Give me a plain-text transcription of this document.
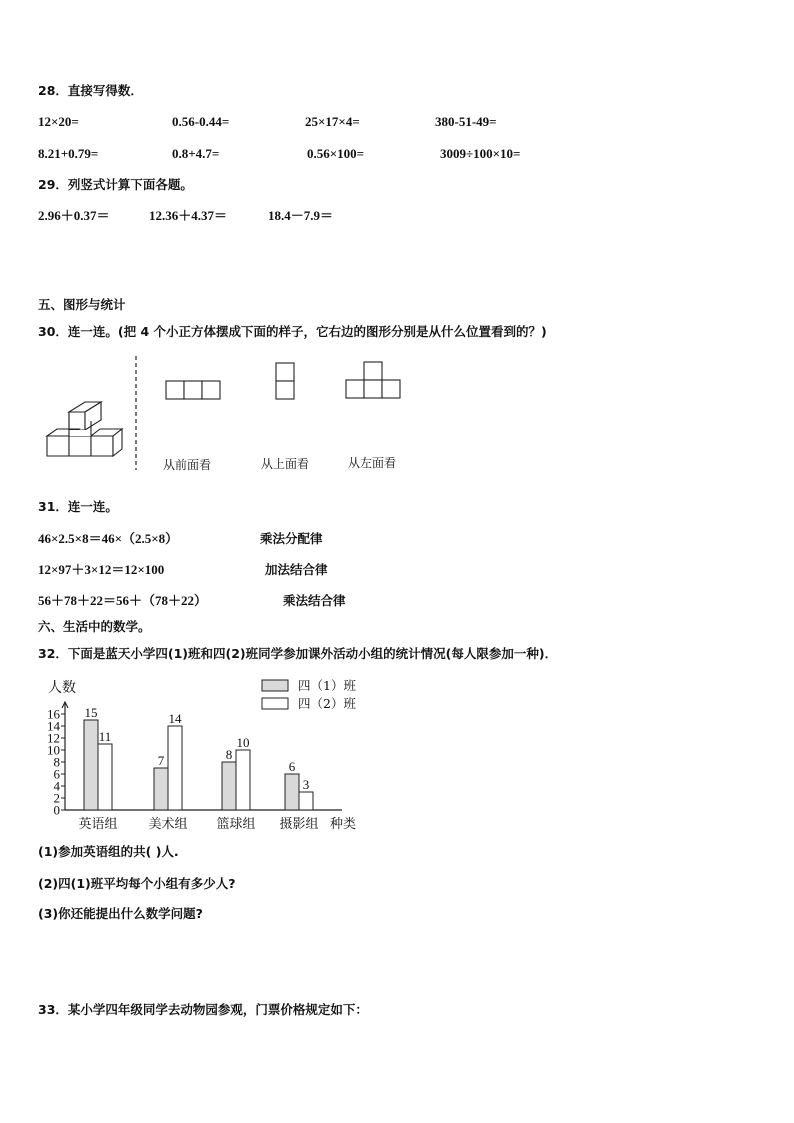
28．直接写得数．
12×20=	0.56-0.44=	25×17×4=	380-51-49=
8.21+0.79=	0.8+4.7=	0.56×100=	3009÷100×10=
29．列竖式计算下面各题。
2.96＋0.37＝	12.36＋4.37＝	18.4－7.9＝
五、图形与统计
30．连一连。(把 4 个小正方体摆成下面的样子，它右边的图形分别是从什么位置看到的？)
从前面看	从上面看	从左面看
31．连一连。
46×2.5×8＝46×（2.5×8）	乘法分配律
12×97＋3×12＝12×100	加法结合律
56＋78＋22＝56＋（78＋22）	乘法结合律
六、生活中的数学。
32．下面是蓝天小学四(1)班和四(2)班同学参加课外活动小组的统计情况(每人限参加一种)．
人数
种类
0
2
4
6
8
10
12
14
16 15
11
英语组
7
14
美术组
8
10
篮球组
6
3
摄影组
四（1）班
四（2）班
(1)参加英语组的共( )人.
(2)四(1)班平均每个小组有多少人?
(3)你还能提出什么数学问题?
33．某小学四年级同学去动物园参观，门票价格规定如下：
